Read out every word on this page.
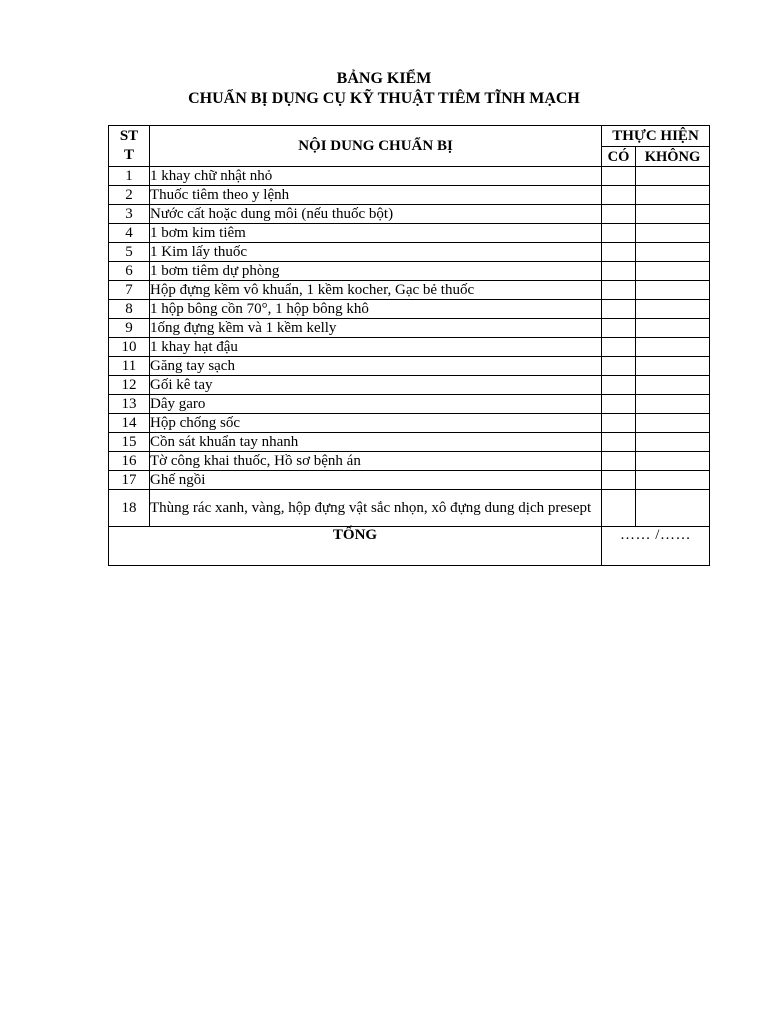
BẢNG KIỂM
CHUẨN BỊ DỤNG CỤ KỸ THUẬT TIÊM TĨNH MẠCH
ST
T	NỘI DUNG CHUẨN BỊ	THỰC HIỆN	
		CÓ	KHÔNG
1	1 khay chữ nhật nhỏ		
2	Thuốc tiêm theo y lệnh		
3	Nước cất hoặc dung môi (nếu thuốc bột)		
4	1 bơm kim tiêm		
5	1 Kim lấy thuốc		
6	1 bơm tiêm dự phòng		
7	Hộp đựng kềm vô khuẩn, 1 kềm kocher, Gạc bẻ thuốc		
8	1 hộp bông cồn 70°, 1 hộp bông khô		
9	1ống đựng kềm và 1 kềm kelly		
10	1 khay hạt đậu		
11	Găng tay sạch		
12	Gối kê tay		
13	Dây garo		
14	Hộp chống sốc		
15	Cồn sát khuẩn tay nhanh		
16	Tờ công khai thuốc, Hồ sơ bệnh án		
17	Ghế ngồi		
18	Thùng rác xanh, vàng, hộp đựng vật sắc nhọn, xô đựng dung dịch presept		
TỔNG		…… /……	
